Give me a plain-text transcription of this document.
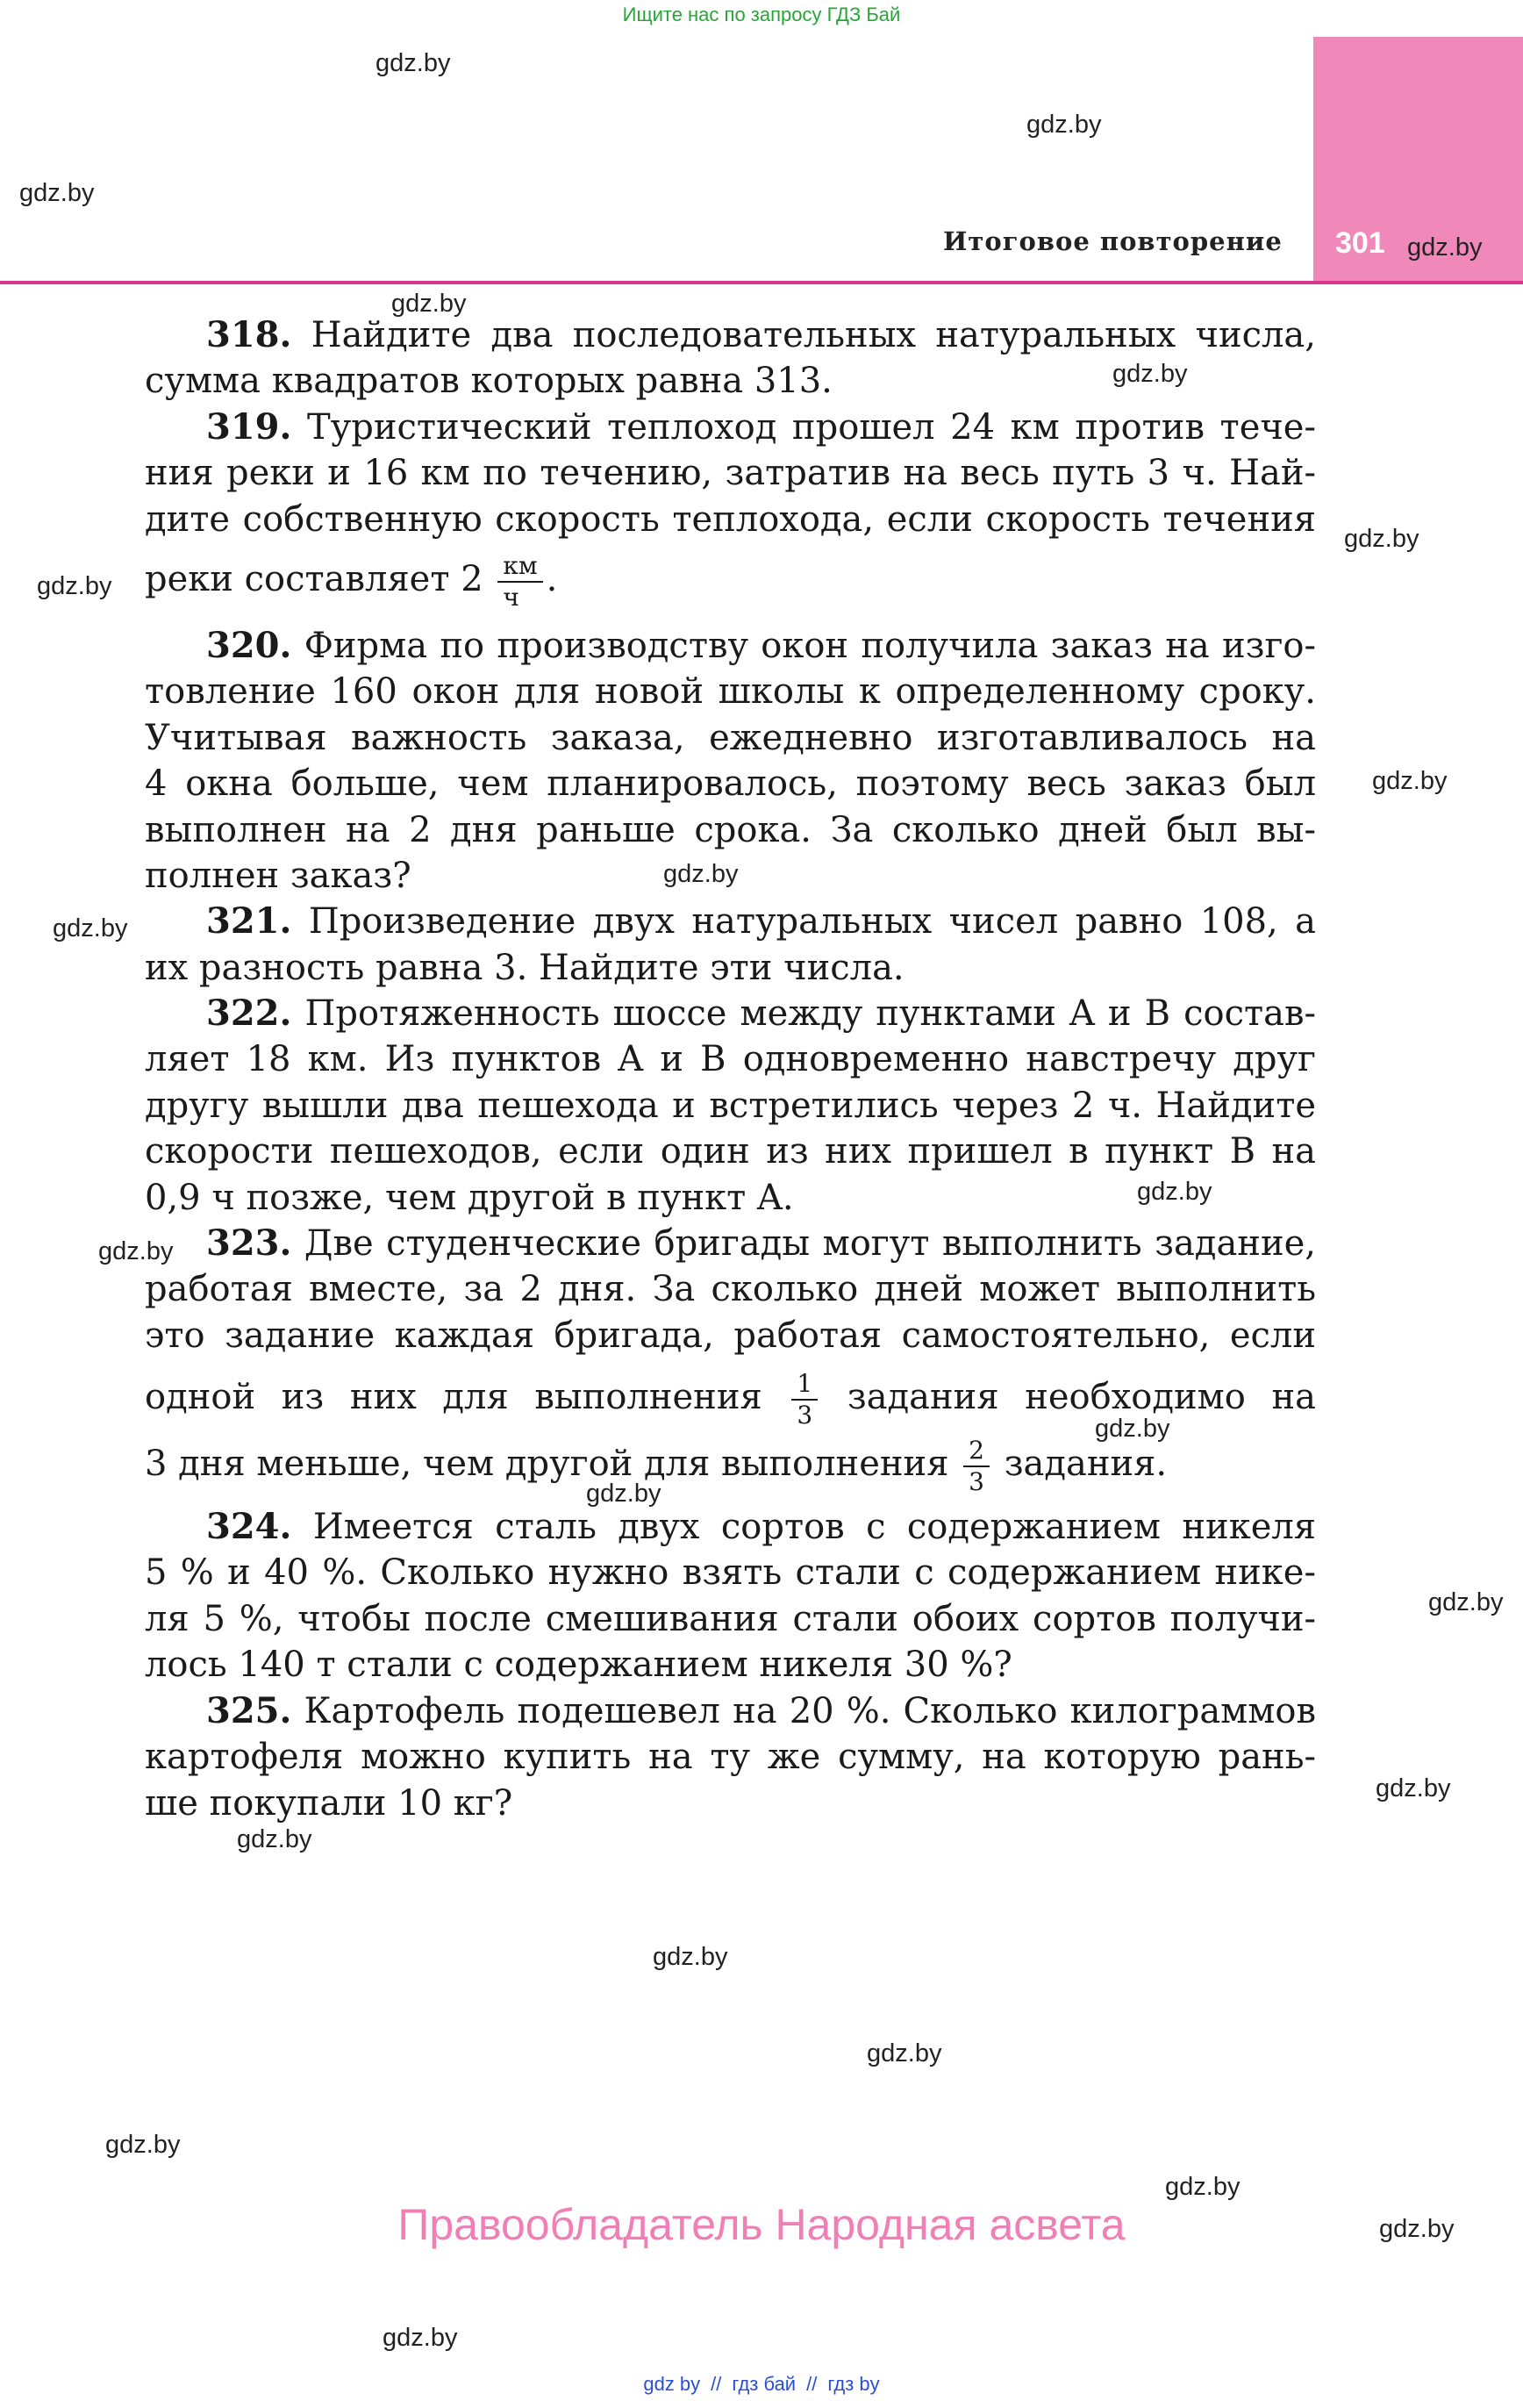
Ищите нас по запросу ГДЗ Бай
Итоговое повторение 301
gdz.by
gdz.by
gdz.by
gdz.by
gdz.by
gdz.by
gdz.by
gdz.by
gdz.by
gdz.by
gdz.by
gdz.by
gdz.by
gdz.by
gdz.by
gdz.by
gdz.by
gdz.by
gdz.by
gdz.by
gdz.by
gdz.by
gdz.by
gdz.by
318. Найдите два последовательных натуральных числа,
сумма квадратов которых равна 313.
319. Туристический теплоход прошел 24 км против тече-
ния реки и 16 км по течению, затратив на весь путь 3 ч. Най-
дите собственную скорость теплохода, если скорость течения
реки составляет $2 \frac{км}{ч}$ .
320. Фирма по производству окон получила заказ на изго-
товление 160 окон для новой школы к определенному сроку.
Учитывая важность заказа, ежедневно изготавливалось на
4 окна больше, чем планировалось, поэтому весь заказ был
выполнен на 2 дня раньше срока. За сколько дней был вы-
полнен заказ?
321. Произведение двух натуральных чисел равно 108, а
их разность равна 3. Найдите эти числа.
322. Протяженность шоссе между пунктами A и B состав-
ляет 18 км. Из пунктов A и B одновременно навстречу друг
другу вышли два пешехода и встретились через 2 ч. Найдите
скорости пешеходов, если один из них пришел в пункт B на
0,9 ч позже, чем другой в пункт A.
323. Две студенческие бригады могут выполнить задание,
работая вместе, за 2 дня. За сколько дней может выполнить
это задание каждая бригада, работая самостоятельно, если
одной из них для выполнения $\frac{1}{3}$ задания необходимо на
3 дня меньше, чем другой для выполнения $\frac{2}{3}$ задания.
324. Имеется сталь двух сортов с содержанием никеля
5 % и 40 %. Сколько нужно взять стали с содержанием нике-
ля 5 %, чтобы после смешивания стали обоих сортов получи-
лось 140 т стали с содержанием никеля 30 %?
325. Картофель подешевел на 20 %. Сколько килограммов
картофеля можно купить на ту же сумму, на которую рань-
ше покупали 10 кг?
Правообладатель Народная асвета
gdz by // гдз бай // гдз by
